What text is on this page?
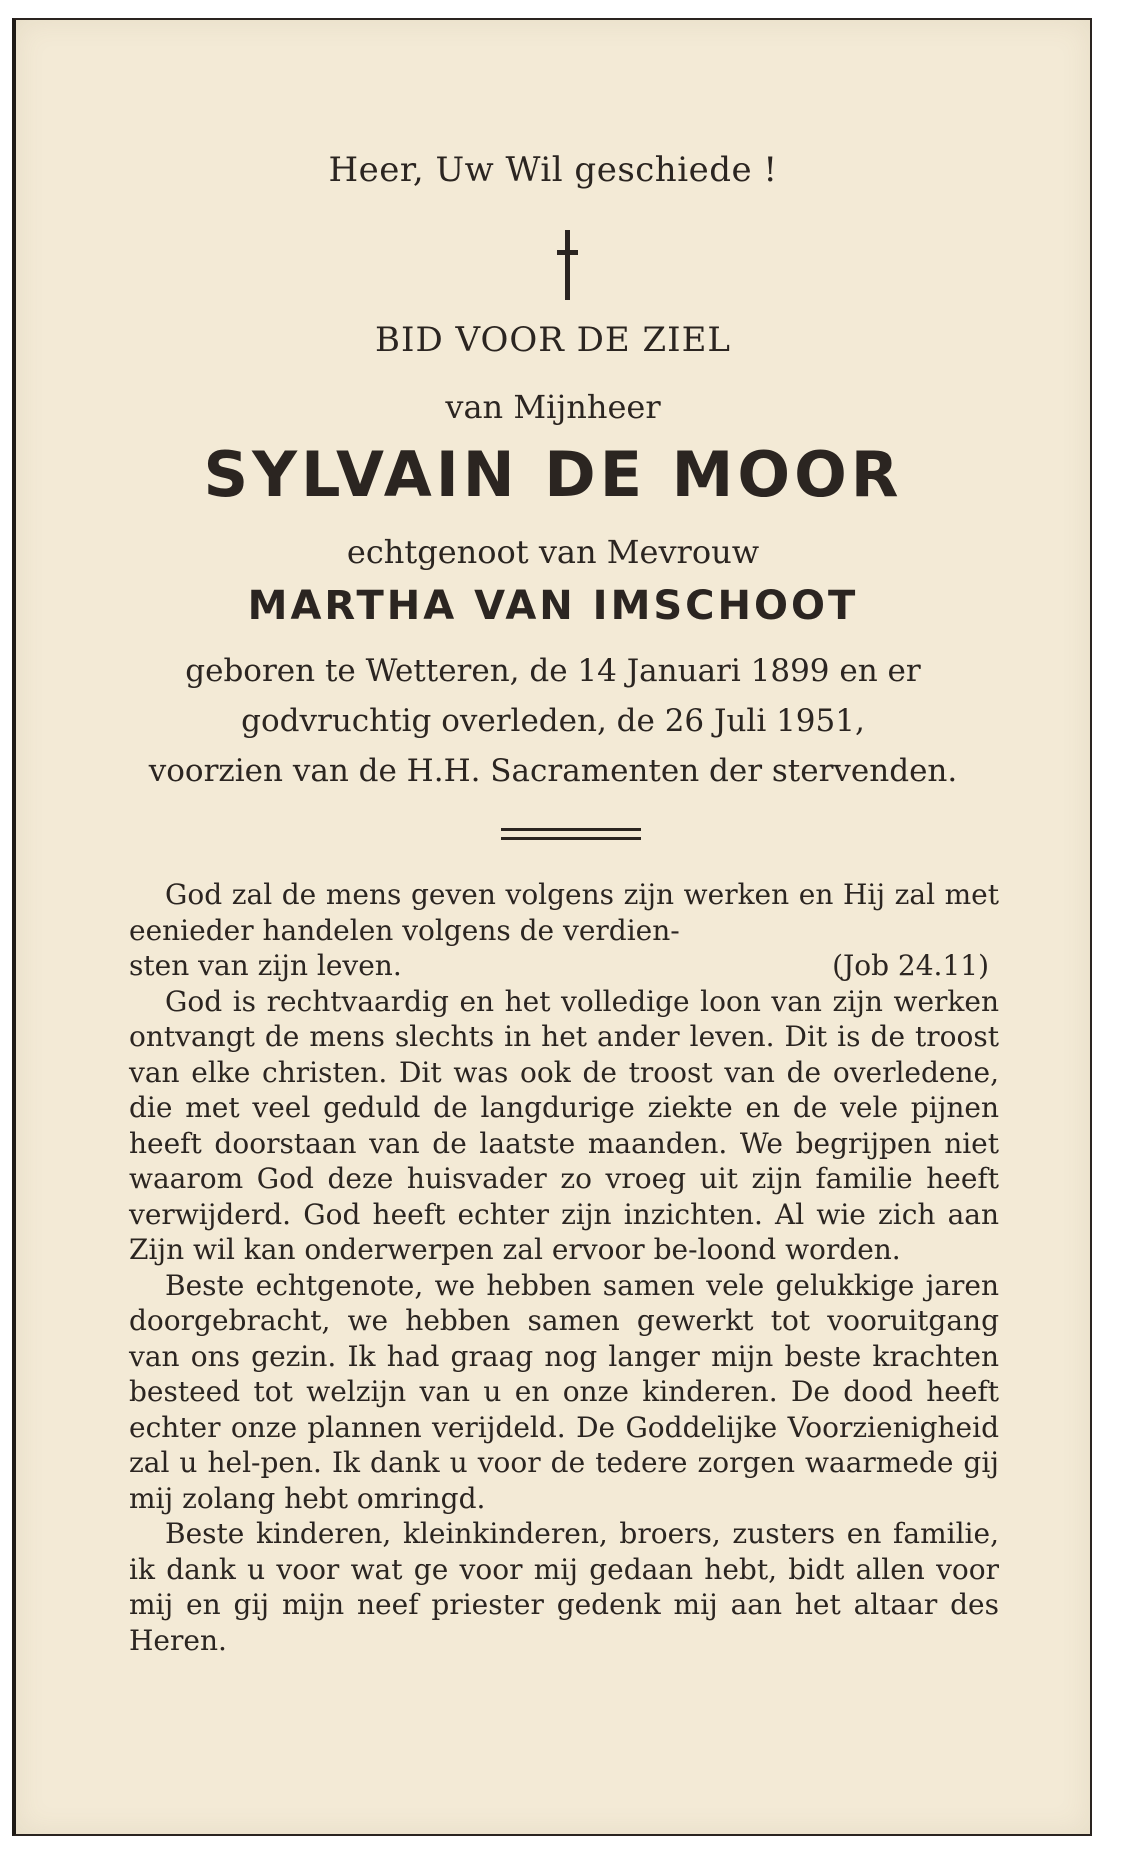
Heer, Uw Wil geschiede !
BID VOOR DE ZIEL
van Mijnheer
SYLVAIN DE MOOR
echtgenoot van Mevrouw
MARTHA VAN IMSCHOOT
geboren te Wetteren, de 14 Januari 1899 en er
godvruchtig overleden, de 26 Juli 1951,
voorzien van de H.H. Sacramenten der stervenden.

God zal de mens geven volgens zijn werken en Hij zal met eenieder handelen volgens de verdien-

sten van zijn leven.	(Job 24.11)

God is rechtvaardig en het volledige loon van zijn werken ontvangt de mens slechts in het ander leven. Dit is de troost van elke christen. Dit was ook de troost van de overledene, die met veel geduld de langdurige ziekte en de vele pijnen heeft doorstaan van de laatste maanden. We begrijpen niet waarom God deze huisvader zo vroeg uit zijn familie heeft verwijderd. God heeft echter zijn inzichten. Al wie zich aan Zijn wil kan onderwerpen zal ervoor be-loond worden.

Beste echtgenote, we hebben samen vele gelukkige jaren doorgebracht, we hebben samen gewerkt tot vooruitgang van ons gezin. Ik had graag nog langer mijn beste krachten besteed tot welzijn van u en onze kinderen. De dood heeft echter onze plannen verijdeld. De Goddelijke Voorzienigheid zal u hel-pen. Ik dank u voor de tedere zorgen waarmede gij mij zolang hebt omringd.

Beste kinderen, kleinkinderen, broers, zusters en familie, ik dank u voor wat ge voor mij gedaan hebt, bidt allen voor mij en gij mijn neef priester gedenk mij aan het altaar des Heren.
